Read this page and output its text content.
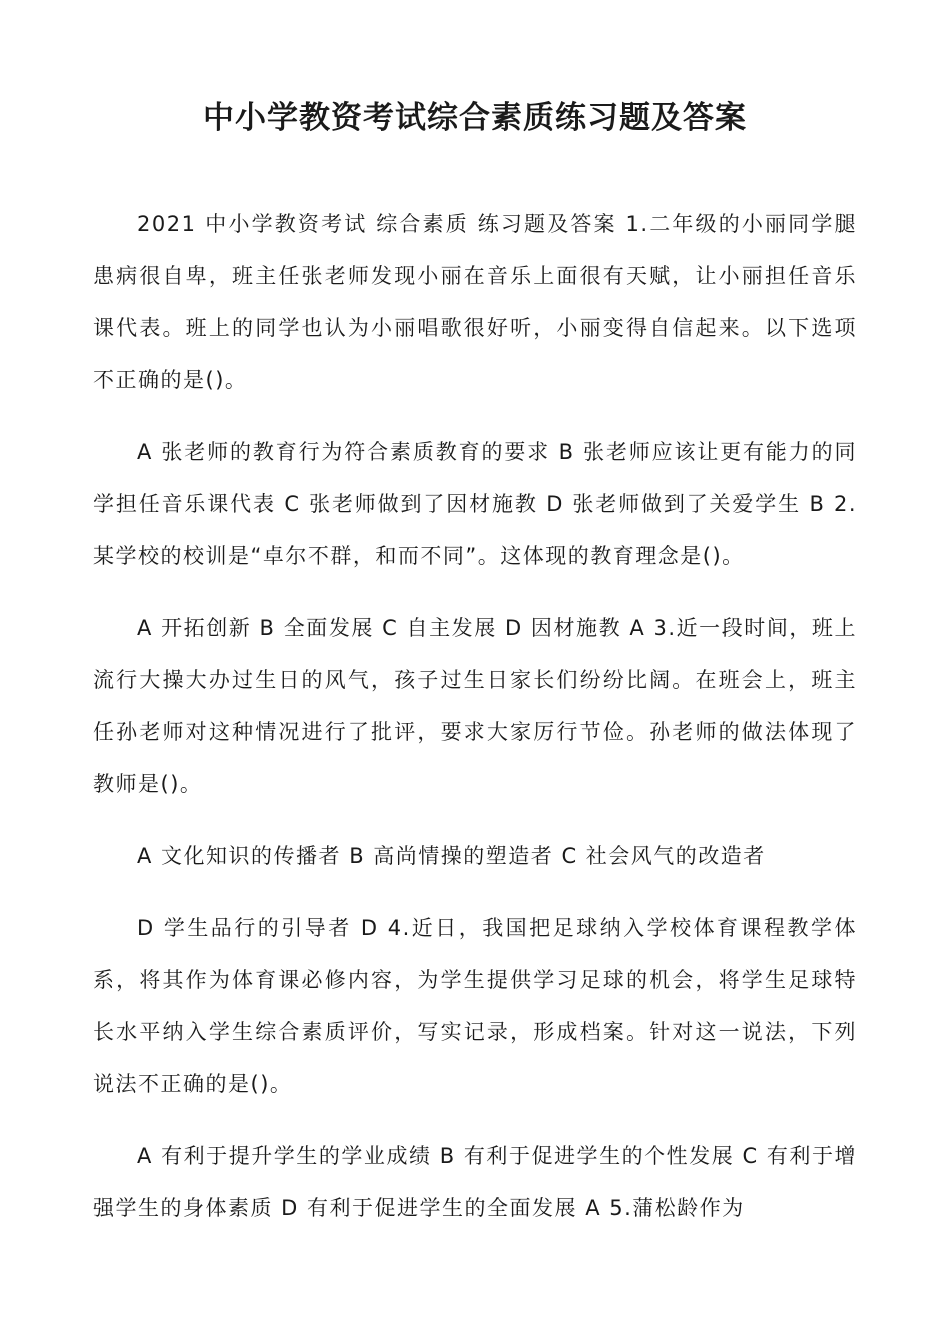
中小学教资考试综合素质练习题及答案

2021 中小学教资考试 综合素质 练习题及答案 1.二年级的小丽同学腿患病很自卑，班主任张老师发现小丽在音乐上面很有天赋，让小丽担任音乐课代表。班上的同学也认为小丽唱歌很好听，小丽变得自信起来。以下选项不正确的是()。

A 张老师的教育行为符合素质教育的要求 B 张老师应该让更有能力的同学担任音乐课代表 C 张老师做到了因材施教 D 张老师做到了关爱学生 B 2.某学校的校训是“卓尔不群，和而不同”。这体现的教育理念是()。

A 开拓创新 B 全面发展 C 自主发展 D 因材施教 A 3.近一段时间，班上流行大操大办过生日的风气，孩子过生日家长们纷纷比阔。在班会上，班主任孙老师对这种情况进行了批评，要求大家厉行节俭。孙老师的做法体现了教师是()。

A 文化知识的传播者 B 高尚情操的塑造者 C 社会风气的改造者

D 学生品行的引导者 D 4.近日，我国把足球纳入学校体育课程教学体系，将其作为体育课必修内容，为学生提供学习足球的机会，将学生足球特长水平纳入学生综合素质评价，写实记录，形成档案。针对这一说法，下列说法不正确的是()。

A 有利于提升学生的学业成绩 B 有利于促进学生的个性发展 C 有利于增强学生的身体素质 D 有利于促进学生的全面发展 A 5.蒲松龄作为
